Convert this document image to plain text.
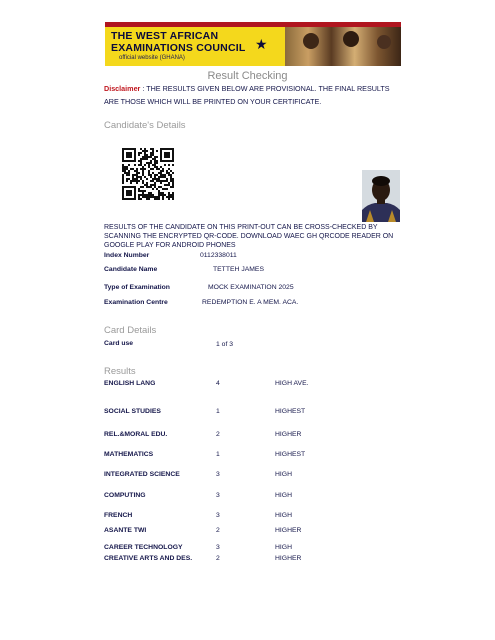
THE WEST AFRICAN
EXAMINATIONS COUNCIL
official website (GHANA)
★
Result Checking
Disclaimer : THE RESULTS GIVEN BELOW ARE PROVISIONAL. THE FINAL RESULTS ARE THOSE WHICH WILL BE PRINTED ON YOUR CERTIFICATE.
Candidate's Details
RESULTS OF THE CANDIDATE ON THIS PRINT-OUT CAN BE CROSS-CHECKED BY SCANNING THE ENCRYPTED QR-CODE. DOWNLOAD WAEC GH QRCODE READER ON GOOGLE PLAY FOR ANDROID PHONES
Index Number	0112338011
Candidate Name	TETTEH JAMES
Type of Examination	MOCK EXAMINATION 2025
Examination Centre	REDEMPTION E. A MEM. ACA.
Card Details
Card use	1 of 3
Results
ENGLISH LANG	4	HIGH AVE.
SOCIAL STUDIES	1	HIGHEST
REL.&MORAL EDU.	2	HIGHER
MATHEMATICS	1	HIGHEST
INTEGRATED SCIENCE	3	HIGH
COMPUTING	3	HIGH
FRENCH	3	HIGH
ASANTE TWI	2	HIGHER
CAREER TECHNOLOGY	3	HIGH
CREATIVE ARTS AND DES.	2	HIGHER
